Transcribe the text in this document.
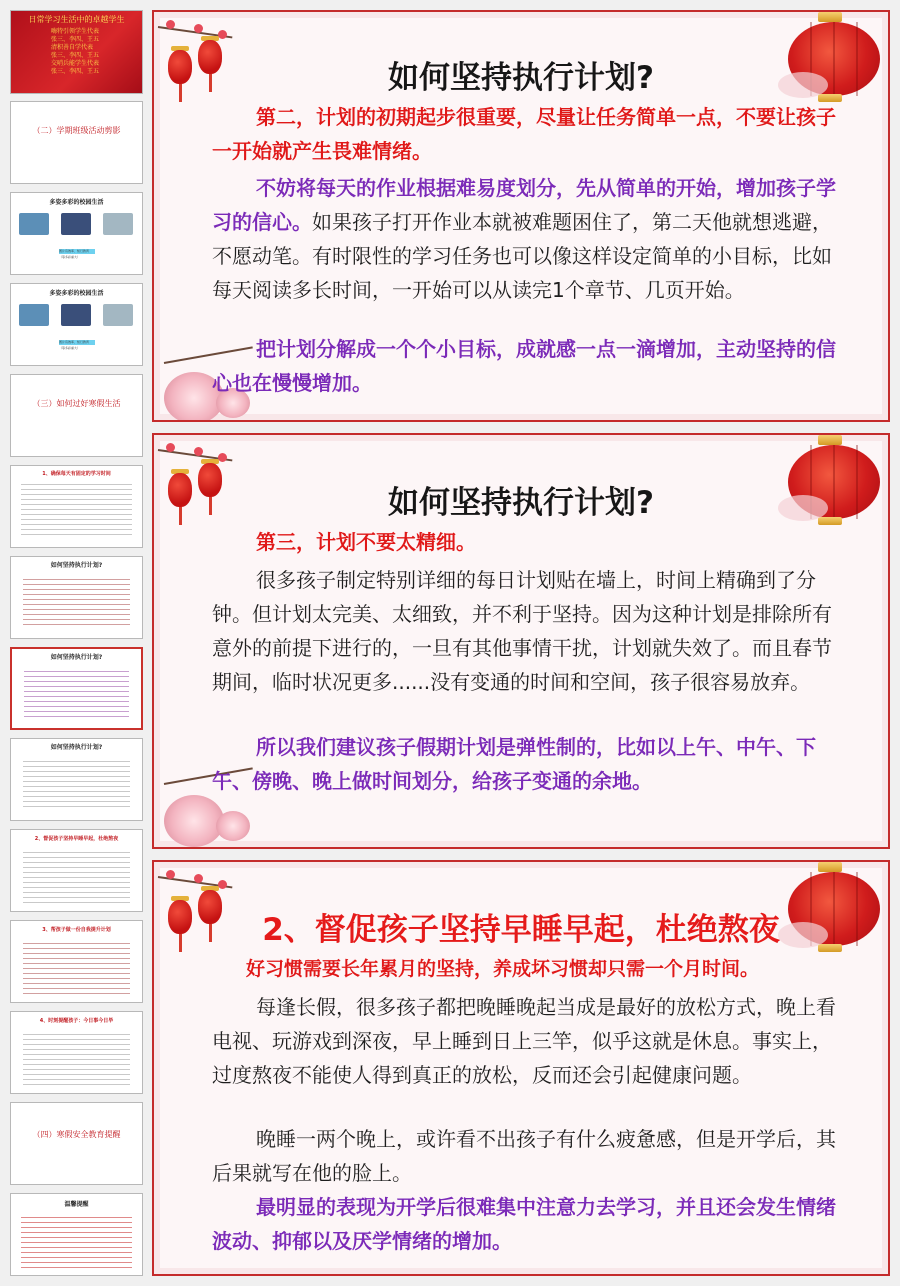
日常学习生活中的卓越学生
嗨特引领学生代表
张三、李四、王五
清积善自学代表
张三、李四、王五
交哨兵能学生代表
张三、李四、王五
（二）学期班级活动剪影
多姿多彩的校园生活
图片有效率、知行教育（等多彩重大）
多姿多彩的校园生活
图片有效率、知行教育（等多彩重大）
（三）如何过好寒假生活
1、确保每天有固定的学习时间
如何坚持执行计划?
如何坚持执行计划?
如何坚持执行计划?
2、督促孩子坚持早睡早起，杜绝熬夜
3、帮孩子做一份自我提升计划
4、时刻提醒孩子：今日事今日毕
（四）寒假安全教育提醒
温馨提醒
如何坚持执行计划?
第二，计划的初期起步很重要，尽量让任务简单一点，不要让孩子一开始就产生畏难情绪。
不妨将每天的作业根据难易度划分，先从简单的开始，增加孩子学习的信心。如果孩子打开作业本就被难题困住了，第二天他就想逃避，不愿动笔。有时限性的学习任务也可以像这样设定简单的小目标，比如每天阅读多长时间，一开始可以从读完1个章节、几页开始。
把计划分解成一个个小目标，成就感一点一滴增加，主动坚持的信心也在慢慢增加。
如何坚持执行计划?
第三，计划不要太精细。
很多孩子制定特别详细的每日计划贴在墙上，时间上精确到了分钟。但计划太完美、太细致，并不利于坚持。因为这种计划是排除所有意外的前提下进行的，一旦有其他事情干扰，计划就失效了。而且春节期间，临时状况更多......没有变通的时间和空间，孩子很容易放弃。
所以我们建议孩子假期计划是弹性制的，比如以上午、中午、下午、傍晚、晚上做时间划分，给孩子变通的余地。
2、督促孩子坚持早睡早起，杜绝熬夜
好习惯需要长年累月的坚持，养成坏习惯却只需一个月时间。
每逢长假，很多孩子都把晚睡晚起当成是最好的放松方式，晚上看电视、玩游戏到深夜，早上睡到日上三竿，似乎这就是休息。事实上，过度熬夜不能使人得到真正的放松，反而还会引起健康问题。
晚睡一两个晚上，或许看不出孩子有什么疲惫感，但是开学后，其后果就写在他的脸上。
最明显的表现为开学后很难集中注意力去学习，并且还会发生情绪波动、抑郁以及厌学情绪的增加。
